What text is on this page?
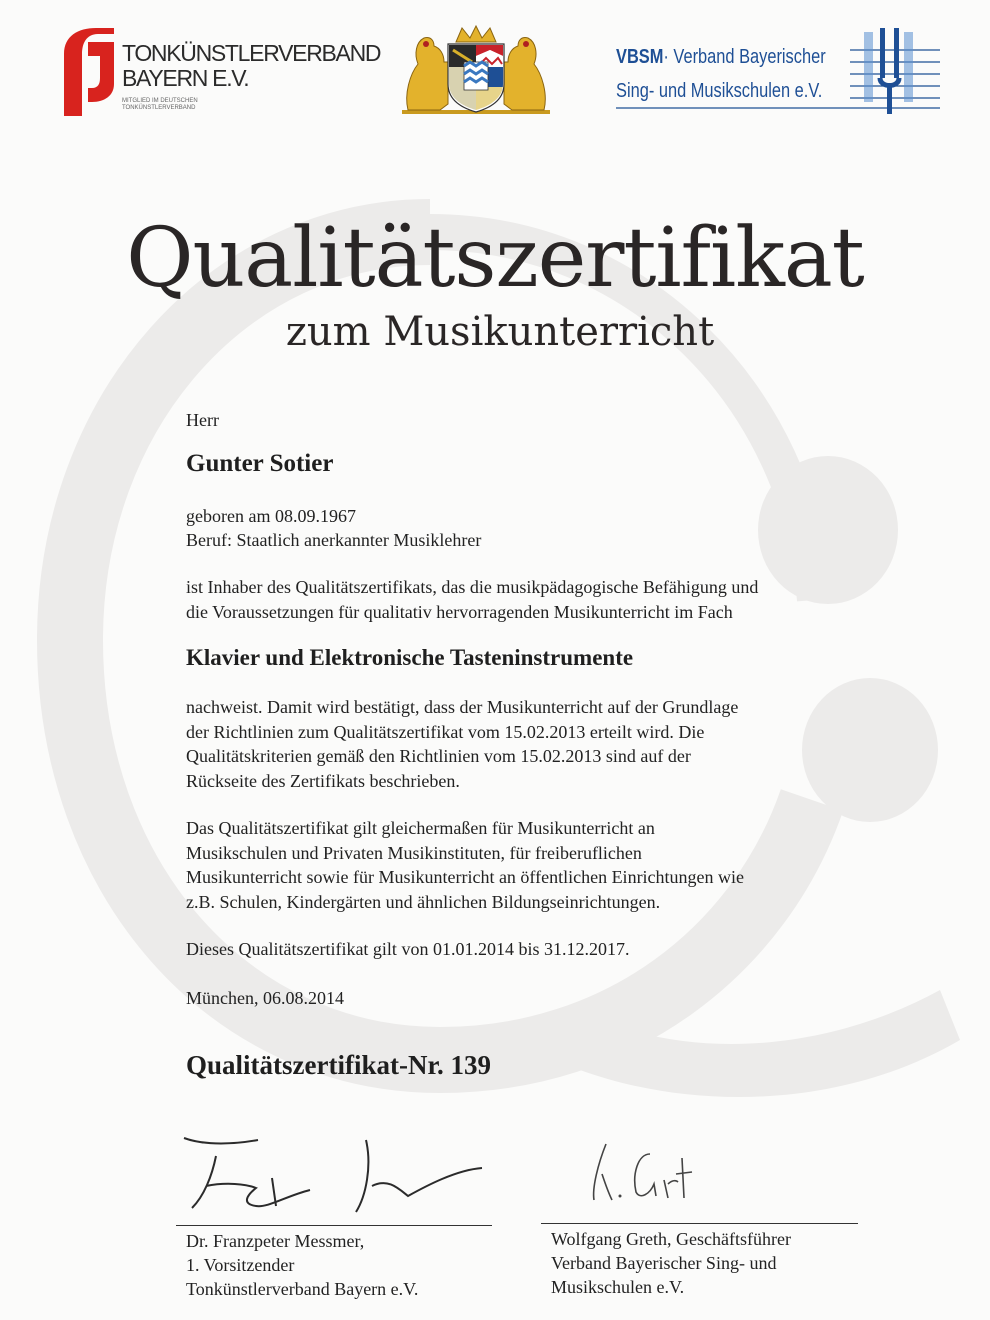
TONKÜNSTLERVERBAND
BAYERN E.V.
MITGLIED IM DEUTSCHEN TONKÜNSTLERVERBAND
VBSM· Verband Bayerischer
Sing- und Musikschulen e.V.
Qualitätszertifikat
zum Musikunterricht
Herr
Gunter Sotier
geboren am 08.09.1967
Beruf: Staatlich anerkannter Musiklehrer
ist Inhaber des Qualitätszertifikats, das die musikpädagogische Befähigung und
die Voraussetzungen für qualitativ hervorragenden Musikunterricht im Fach
Klavier und Elektronische Tasteninstrumente
nachweist. Damit wird bestätigt, dass der Musikunterricht auf der Grundlage
der Richtlinien zum Qualitätszertifikat vom 15.02.2013 erteilt wird. Die
Qualitätskriterien gemäß den Richtlinien vom 15.02.2013 sind auf der
Rückseite des Zertifikats beschrieben.
Das Qualitätszertifikat gilt gleichermaßen für Musikunterricht an
Musikschulen und Privaten Musikinstituten, für freiberuflichen
Musikunterricht sowie für Musikunterricht an öffentlichen Einrichtungen wie
z.B. Schulen, Kindergärten und ähnlichen Bildungseinrichtungen.
Dieses Qualitätszertifikat gilt von 01.01.2014 bis 31.12.2017.
München, 06.08.2014
Qualitätszertifikat-Nr. 139
Dr. Franzpeter Messmer,
1. Vorsitzender
Tonkünstlerverband Bayern e.V.
Wolfgang Greth, Geschäftsführer
Verband Bayerischer Sing- und
Musikschulen e.V.
